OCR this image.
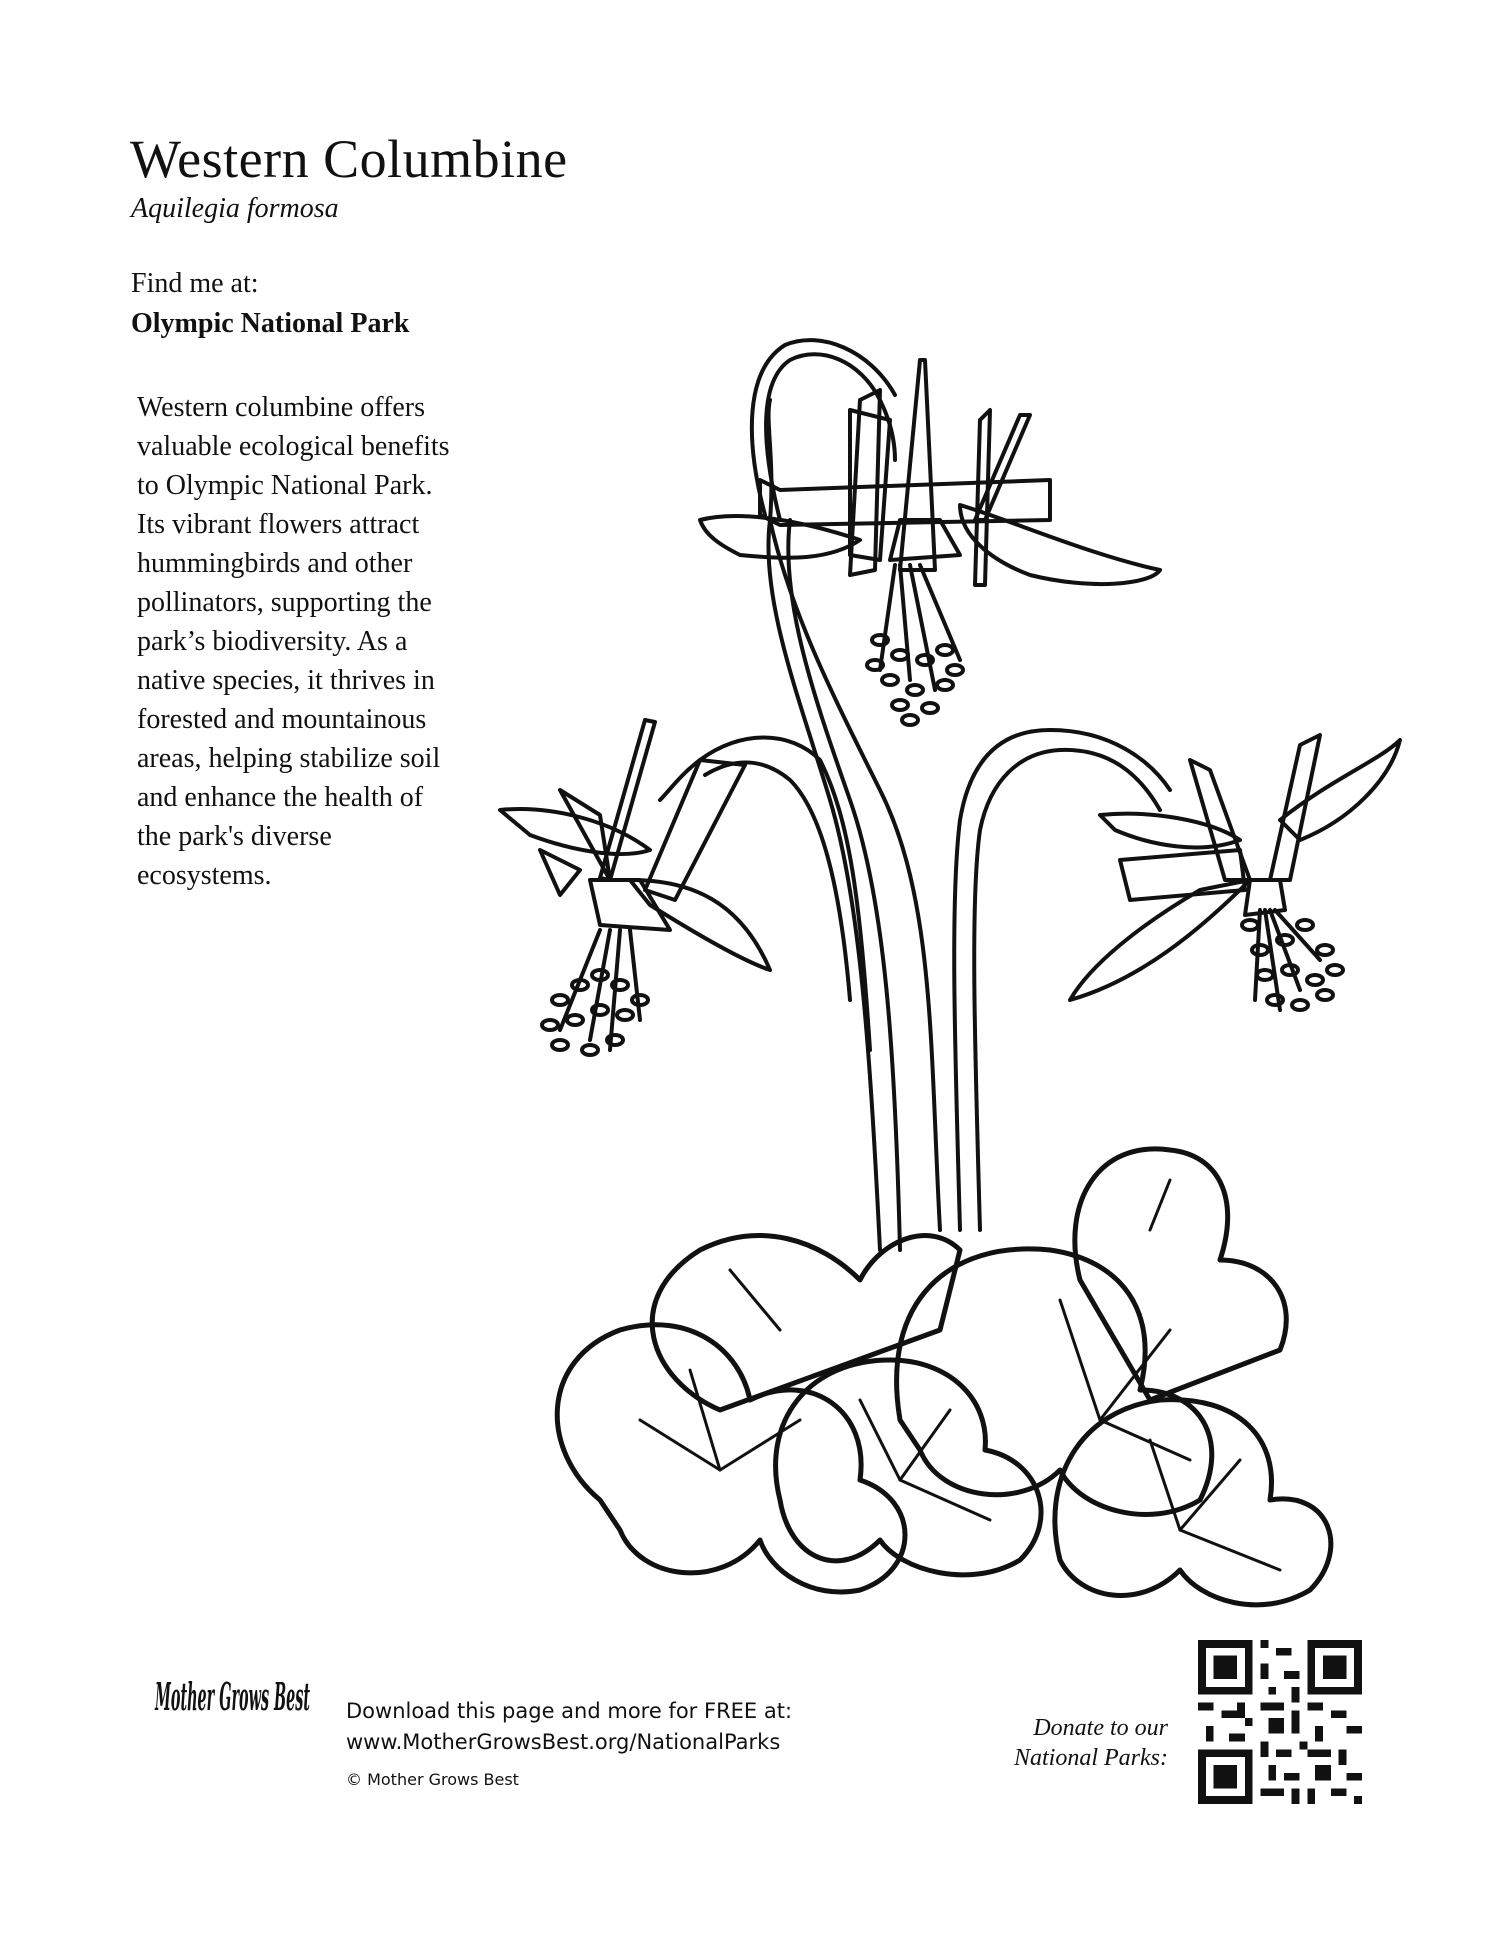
Western Columbine
Aquilegia formosa
Find me at:
Olympic National Park
Western columbine offers
valuable ecological benefits
to Olympic National Park.
Its vibrant flowers attract
hummingbirds and other
pollinators, supporting the
park’s biodiversity. As a
native species, it thrives in
forested and mountainous
areas, helping stabilize soil
and enhance the health of
the park's diverse
ecosystems.
Mother Grows Best Download this page and more for FREE at:
www.MotherGrowsBest.org/NationalParks
© Mother Grows Best
Donate to our
National Parks:
